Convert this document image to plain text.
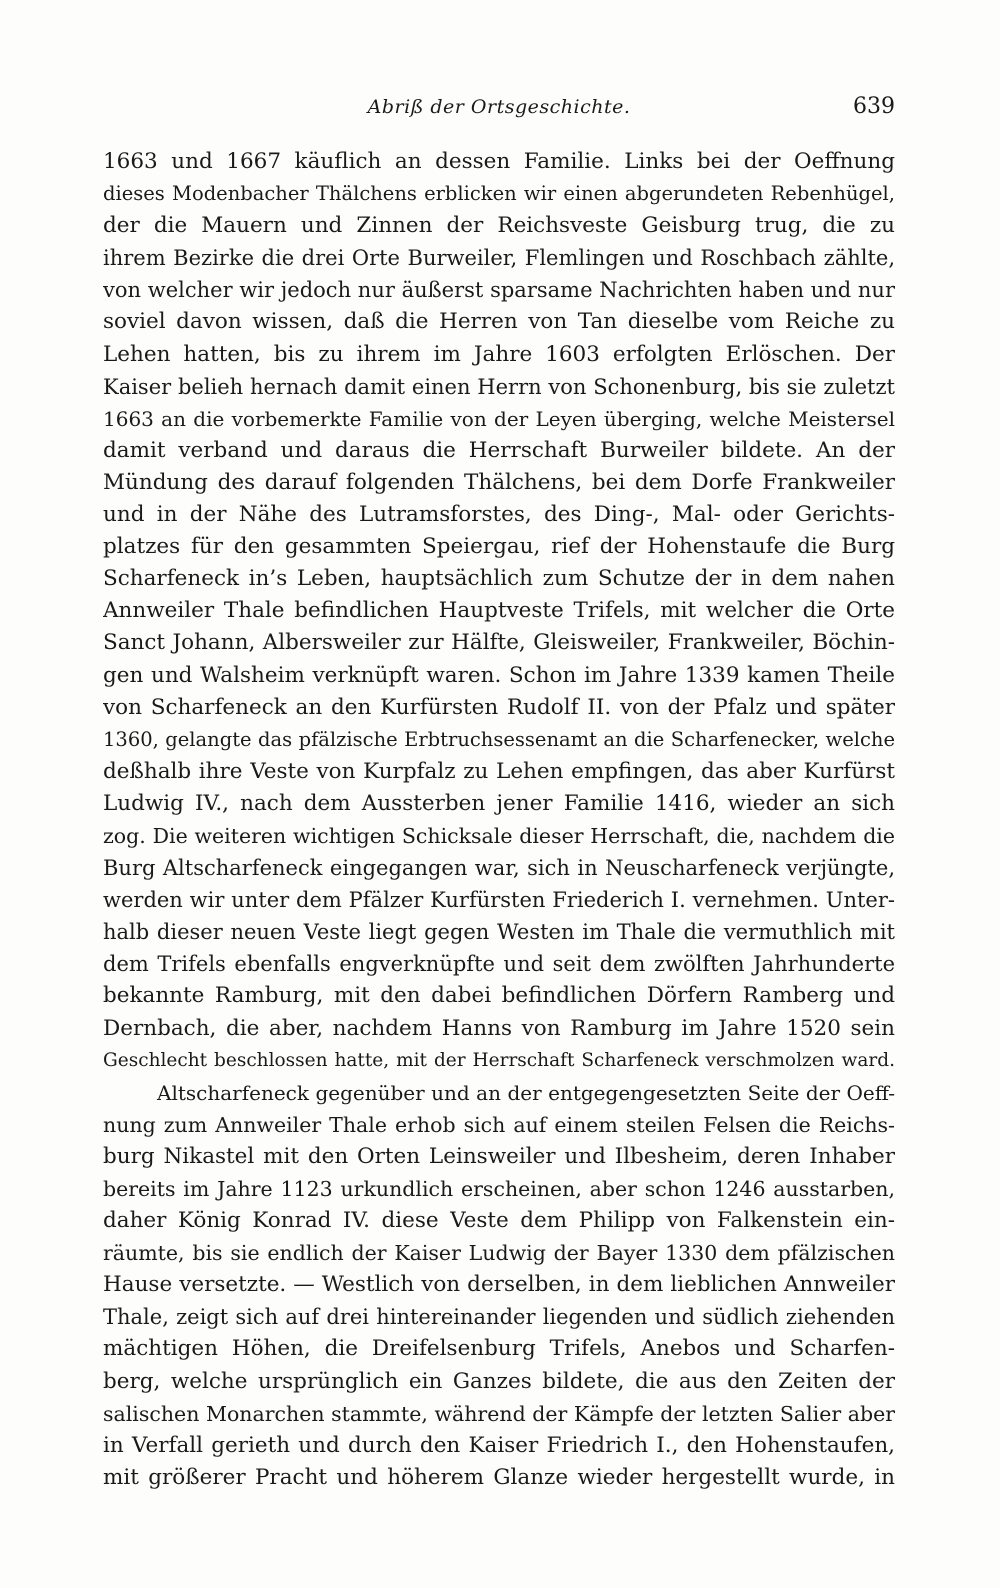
Abriß der Ortsgeschichte.	639
1663 und 1667 käuflich an dessen Familie. Links bei der Oeffnung
dieses Modenbacher Thälchens erblicken wir einen abgerundeten Rebenhügel,
der die Mauern und Zinnen der Reichsveste Geisburg trug, die zu
ihrem Bezirke die drei Orte Burweiler, Flemlingen und Roschbach zählte,
von welcher wir jedoch nur äußerst sparsame Nachrichten haben und nur
soviel davon wissen, daß die Herren von Tan dieselbe vom Reiche zu
Lehen hatten, bis zu ihrem im Jahre 1603 erfolgten Erlöschen. Der
Kaiser belieh hernach damit einen Herrn von Schonenburg, bis sie zuletzt
1663 an die vorbemerkte Familie von der Leyen überging, welche Meistersel
damit verband und daraus die Herrschaft Burweiler bildete. An der
Mündung des darauf folgenden Thälchens, bei dem Dorfe Frankweiler
und in der Nähe des Lutramsforstes, des Ding-, Mal- oder Gerichts-
platzes für den gesammten Speiergau, rief der Hohenstaufe die Burg
Scharfeneck in’s Leben, hauptsächlich zum Schutze der in dem nahen
Annweiler Thale befindlichen Hauptveste Trifels, mit welcher die Orte
Sanct Johann, Albersweiler zur Hälfte, Gleisweiler, Frankweiler, Böchin-
gen und Walsheim verknüpft waren. Schon im Jahre 1339 kamen Theile
von Scharfeneck an den Kurfürsten Rudolf II. von der Pfalz und später
1360, gelangte das pfälzische Erbtruchsessenamt an die Scharfenecker, welche
deßhalb ihre Veste von Kurpfalz zu Lehen empfingen, das aber Kurfürst
Ludwig IV., nach dem Aussterben jener Familie 1416, wieder an sich
zog. Die weiteren wichtigen Schicksale dieser Herrschaft, die, nachdem die
Burg Altscharfeneck eingegangen war, sich in Neuscharfeneck verjüngte,
werden wir unter dem Pfälzer Kurfürsten Friederich I. vernehmen. Unter-
halb dieser neuen Veste liegt gegen Westen im Thale die vermuthlich mit
dem Trifels ebenfalls engverknüpfte und seit dem zwölften Jahrhunderte
bekannte Ramburg, mit den dabei befindlichen Dörfern Ramberg und
Dernbach, die aber, nachdem Hanns von Ramburg im Jahre 1520 sein
Geschlecht beschlossen hatte, mit der Herrschaft Scharfeneck verschmolzen ward.
Altscharfeneck gegenüber und an der entgegengesetzten Seite der Oeff-
nung zum Annweiler Thale erhob sich auf einem steilen Felsen die Reichs-
burg Nikastel mit den Orten Leinsweiler und Ilbesheim, deren Inhaber
bereits im Jahre 1123 urkundlich erscheinen, aber schon 1246 ausstarben,
daher König Konrad IV. diese Veste dem Philipp von Falkenstein ein-
räumte, bis sie endlich der Kaiser Ludwig der Bayer 1330 dem pfälzischen
Hause versetzte. — Westlich von derselben, in dem lieblichen Annweiler
Thale, zeigt sich auf drei hintereinander liegenden und südlich ziehenden
mächtigen Höhen, die Dreifelsenburg Trifels, Anebos und Scharfen-
berg, welche ursprünglich ein Ganzes bildete, die aus den Zeiten der
salischen Monarchen stammte, während der Kämpfe der letzten Salier aber
in Verfall gerieth und durch den Kaiser Friedrich I., den Hohenstaufen,
mit größerer Pracht und höherem Glanze wieder hergestellt wurde, in
